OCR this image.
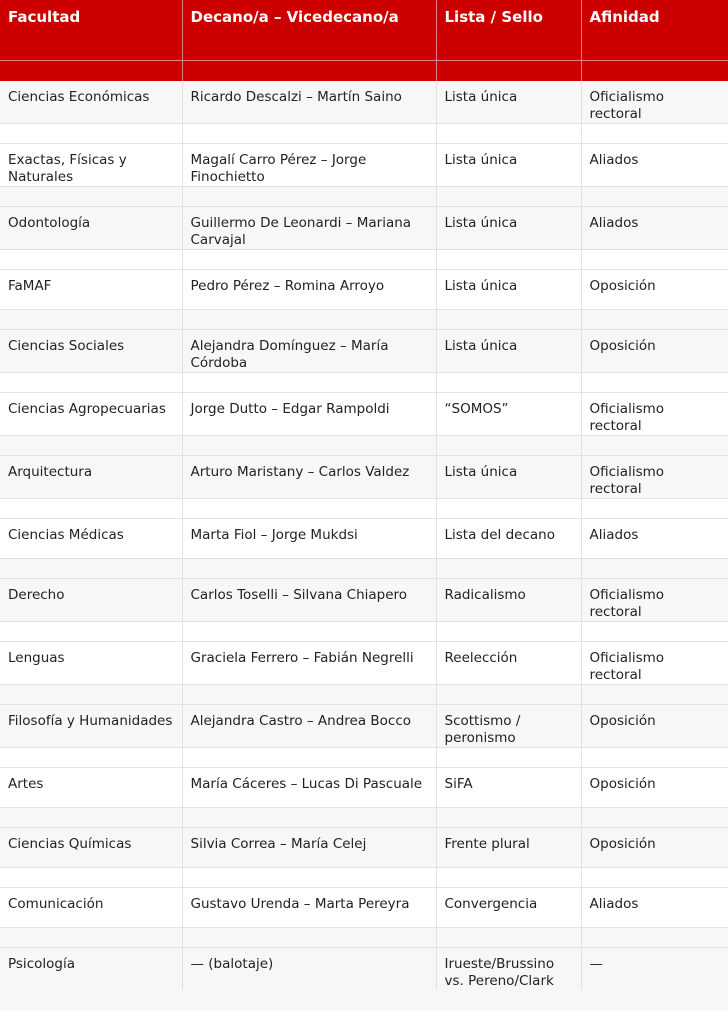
Facultad	Decano/a – Vicedecano/a	Lista / Sello	Afinidad

Ciencias Económicas	Ricardo Descalzi – Martín Saino	Lista única	Oficialismo rectoral

Exactas, Físicas y Naturales	Magalí Carro Pérez – Jorge Finochietto	Lista única	Aliados

Odontología	Guillermo De Leonardi – Mariana Carvajal	Lista única	Aliados

FaMAF	Pedro Pérez – Romina Arroyo	Lista única	Oposición

Ciencias Sociales	Alejandra Domínguez – María Córdoba	Lista única	Oposición

Ciencias Agropecuarias	Jorge Dutto – Edgar Rampoldi	“SOMOS”	Oficialismo rectoral

Arquitectura	Arturo Maristany – Carlos Valdez	Lista única	Oficialismo rectoral

Ciencias Médicas	Marta Fiol – Jorge Mukdsi	Lista del decano	Aliados

Derecho	Carlos Toselli – Silvana Chiapero	Radicalismo	Oficialismo rectoral

Lenguas	Graciela Ferrero – Fabián Negrelli	Reelección	Oficialismo rectoral

Filosofía y Humanidades	Alejandra Castro – Andrea Bocco	Scottismo / peronismo	Oposición

Artes	María Cáceres – Lucas Di Pascuale	SiFA	Oposición

Ciencias Químicas	Silvia Correa – María Celej	Frente plural	Oposición

Comunicación	Gustavo Urenda – Marta Pereyra	Convergencia	Aliados

Psicología	— (balotaje)	Irueste/Brussino vs. Pereno/Clark	—
